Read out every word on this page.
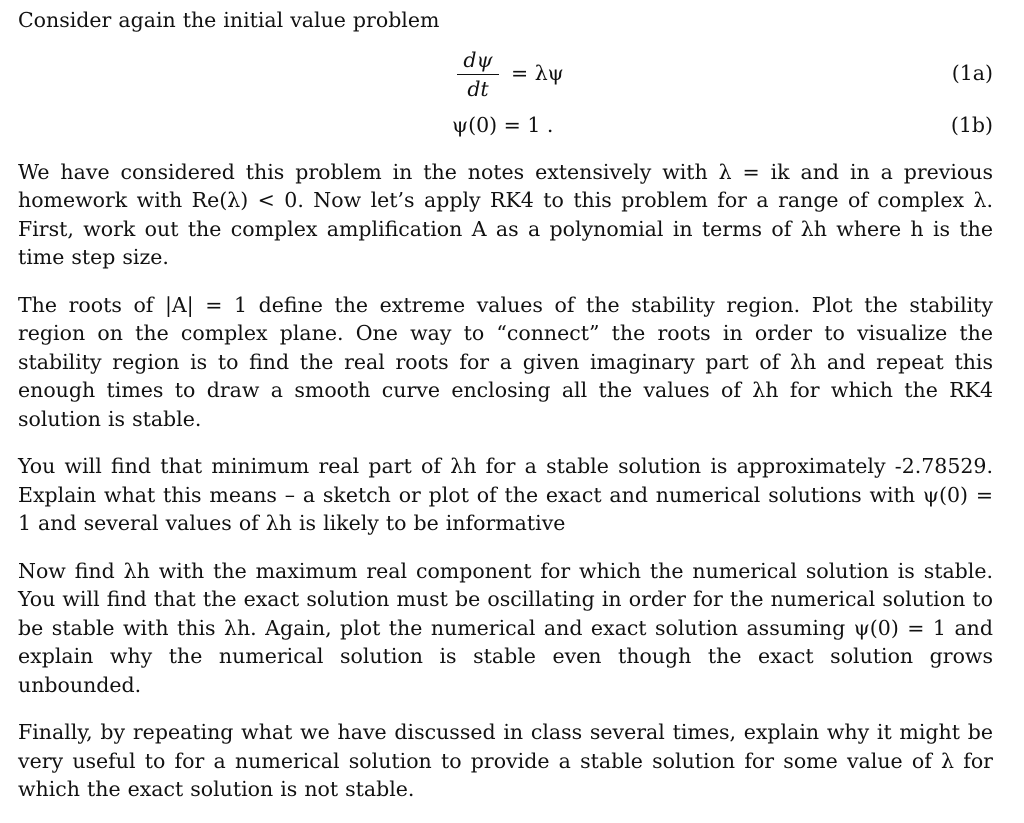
Consider again the initial value problem

dψ
dt
= λψ	(1a)
ψ(0) = 1 .	(1b)

We have considered this problem in the notes extensively with λ = ik and in a previous homework with Re(λ) < 0. Now let’s apply RK4 to this problem for a range of complex λ. First, work out the complex amplification A as a polynomial in terms of λh where h is the time step size.

The roots of |A| = 1 define the extreme values of the stability region. Plot the stability region on the complex plane. One way to “connect” the roots in order to visualize the stability region is to find the real roots for a given imaginary part of λh and repeat this enough times to draw a smooth curve enclosing all the values of λh for which the RK4 solution is stable.

You will find that minimum real part of λh for a stable solution is approximately -2.78529. Explain what this means – a sketch or plot of the exact and numerical solutions with ψ(0) = 1 and several values of λh is likely to be informative

Now find λh with the maximum real component for which the numerical solution is stable. You will find that the exact solution must be oscillating in order for the numerical solution to be stable with this λh. Again, plot the numerical and exact solution assuming ψ(0) = 1 and explain why the numerical solution is stable even though the exact solution grows unbounded.

Finally, by repeating what we have discussed in class several times, explain why it might be very useful to for a numerical solution to provide a stable solution for some value of λ for which the exact solution is not stable.
